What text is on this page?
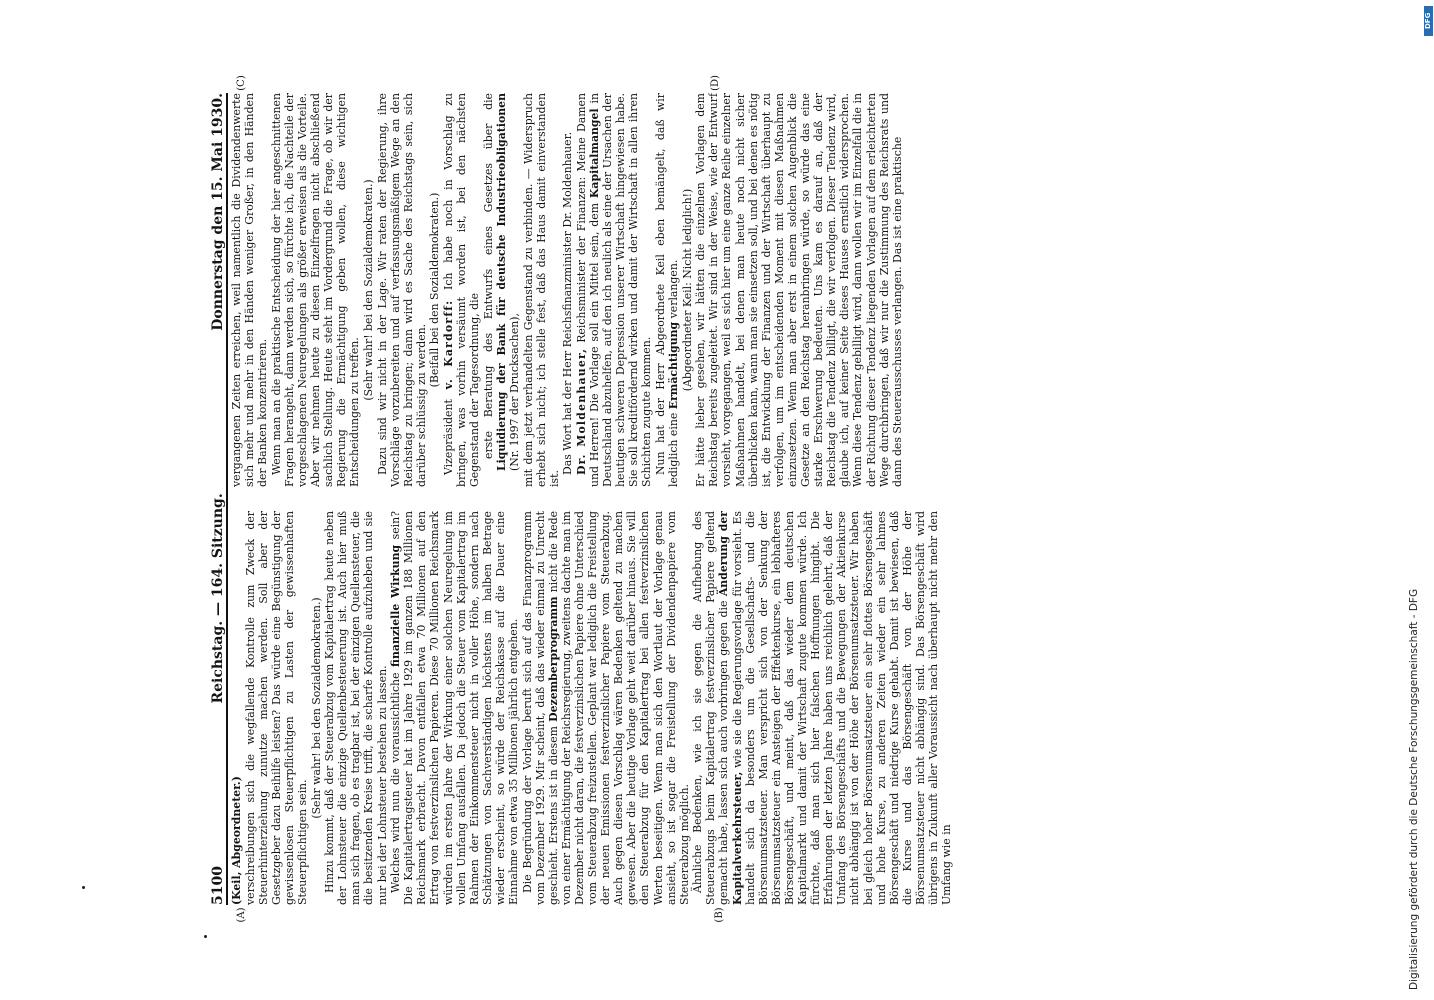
5100
Reichstag. — 164. Sitzung.
Donnerstag den 15. Mai 1930.
(A)	(B)
(C)	(D)

(Keil, Abgeordneter.) verschreibungen sich die wegfallende Kontrolle zum Zweck der Steuerhinterziehung zunutze machen werden. Soll aber der Gesetzgeber dazu Beihilfe leisten? Das würde eine Begünstigung der gewissenlosen Steuerpflichtigen zu Lasten der gewissenhaften Steuerpflichtigen sein.

(Sehr wahr! bei den Sozialdemokraten.) Hinzu kommt, daß der Steuerabzug vom Kapitalertrag heute neben der Lohnsteuer die einzige Quellenbesteuerung ist. Auch hier muß man sich fragen, ob es tragbar ist, bei der einzigen Quellensteuer, die die besitzenden Kreise trifft, die scharfe Kontrolle aufzuheben und sie nur bei der Lohnsteuer bestehen zu lassen. Welches wird nun die voraussichtliche finanzielle Wirkung sein? Die Kapitalertragsteuer hat im Jahre 1929 im ganzen 188 Millionen Reichsmark erbracht. Davon entfallen etwa 70 Millionen auf den Ertrag von festverzinslichen Papieren. Diese 70 Millionen Reichsmark würden im ersten Jahre der Wirkung einer solchen Neuregelung im vollen Umfang ausfallen. Da jedoch die Steuer vom Kapitalertrag im Rahmen der Einkommensteuer nicht in voller Höhe, sondern nach Schätzungen von Sachverständigen höchstens im halben Betrage wieder erscheint, so würde der Reichskasse auf die Dauer eine Einnahme von etwa 35 Millionen jährlich entgehen. Die Begründung der Vorlage beruft sich auf das Finanzprogramm vom Dezember 1929. Mir scheint, daß das wieder einmal zu Unrecht geschieht. Erstens ist in diesem Dezemberprogramm nicht die Rede von einer Ermächtigung der Reichsregierung, zweitens dachte man im Dezember nicht daran, die festverzinslichen Papiere ohne Unterschied vom Steuerabzug freizustellen. Geplant war lediglich die Freistellung der neuen Emissionen festverzinslicher Papiere vom Steuerabzug. Auch gegen diesen Vorschlag wären Bedenken geltend zu machen gewesen. Aber die heutige Vorlage geht weit darüber hinaus. Sie will den Steuerabzug für den Kapitalertrag bei allen festverzinslichen Werten beseitigen. Wenn man sich den Wortlaut der Vorlage genau ansieht, so ist sogar die Freistellung der Dividendenpapiere vom Steuerabzug möglich. Ähnliche Bedenken, wie ich sie gegen die Aufhebung des Steuerabzugs beim Kapitalertrag festverzinslicher Papiere geltend gemacht habe, lassen sich auch vorbringen gegen die Änderung der Kapitalverkehrsteuer, wie sie die Regierungsvorlage für vorsieht. Es handelt sich da besonders um die Gesellschafts- und die Börsenumsatzsteuer. Man verspricht sich von der Senkung der Börsenumsatzsteuer ein Ansteigen der Effektenkurse, ein lebhafteres Börsengeschäft, und meint, daß das wieder dem deutschen Kapitalmarkt und damit der Wirtschaft zugute kommen würde. Ich fürchte, daß man sich hier falschen Hoffnungen hingibt. Die Erfahrungen der letzten Jahre haben uns reichlich gelehrt, daß der Umfang des Börsengeschäfts und die Bewegungen der Aktienkurse nicht abhängig ist von der Höhe der Börsenumsatzsteuer. Wir haben bei gleich hoher Börsenumsatzsteuer ein sehr flottes Börsengeschäft und hohe Kurse, zu anderen Zeiten wieder ein sehr lahmes Börsengeschäft und niedrige Kurse gehabt. Damit ist bewiesen, daß die Kurse und das Börsengeschäft von der Höhe der Börsenumsatzsteuer nicht abhängig sind. Das Börsengeschäft wird übrigens in Zukunft aller Voraussicht nach überhaupt nicht mehr den Umfang wie in

vergangenen Zeiten erreichen, weil namentlich die Dividendenwerte sich mehr und mehr in den Händen weniger Großer, in den Händen der Banken konzentrieren. Wenn man an die praktische Entscheidung der hier angeschnittenen Fragen herangeht, dann werden sich, so fürchte ich, die Nachteile der vorgeschlagenen Neuregelungen als größer erweisen als die Vorteile. Aber wir nehmen heute zu diesen Einzelfragen nicht abschließend sachlich Stellung. Heute steht im Vordergrund die Frage, ob wir der Regierung die Ermächtigung geben wollen, diese wichtigen Entscheidungen zu treffen.

(Sehr wahr! bei den Sozialdemokraten.) Dazu sind wir nicht in der Lage. Wir raten der Regierung, ihre Vorschläge vorzubereiten und auf verfassungsmäßigem Wege an den Reichstag zu bringen; dann wird es Sache des Reichstags sein, sich darüber schlüssig zu werden.

(Beifall bei den Sozialdemokraten.)

Vizepräsident v. Kardorff: Ich habe noch in Vorschlag zu bringen, was vorhin versäumt worden ist, bei den nächsten Gegenstand der Tagesordnung, die erste Beratung des Entwurfs eines Gesetzes über die Liquidierung der Bank für deutsche Industrieobligationen (Nr. 1997 der Drucksachen), mit dem jetzt verhandelten Gegenstand zu verbinden. — Widerspruch erhebt sich nicht; ich stelle fest, daß das Haus damit einverstanden ist.

Das Wort hat der Herr Reichsfinanzminister Dr. Moldenhauer. Dr. Moldenhauer, Reichsminister der Finanzen: Meine Damen und Herren! Die Vorlage soll ein Mittel sein, dem Kapitalmangel in Deutschland abzuhelfen, auf den ich neulich als eine der Ursachen der heutigen schweren Depression unserer Wirtschaft hingewiesen habe. Sie soll kreditfördernd wirken und damit der Wirtschaft in allen ihren Schichten zugute kommen. Nun hat der Herr Abgeordnete Keil eben bemängelt, daß wir lediglich eine Ermächtigung verlangen. (Abgeordneter Keil: Nicht lediglich!) Er hätte lieber gesehen, wir hätten die einzelnen Vorlagen dem Reichstag bereits zugeleitet. Wir sind in der Weise, wie der Entwurf vorsieht, vorgegangen, weil es sich hier um eine ganze Reihe einzelner Maßnahmen handelt, bei denen man heute noch nicht sicher überblicken kann, wann man sie einsetzen soll, und bei denen es nötig ist, die Entwicklung der Finanzen und der Wirtschaft überhaupt zu verfolgen, um im entscheidenden Moment mit diesen Maßnahmen einzusetzen. Wenn man aber erst in einem solchen Augenblick die Gesetze an den Reichstag heranbringen würde, so würde das eine starke Erschwerung bedeuten. Uns kam es darauf an, daß der Reichstag die Tendenz billigt, die wir verfolgen. Dieser Tendenz wird, glaube ich, auf keiner Seite dieses Hauses ernstlich widersprochen. Wenn diese Tendenz gebilligt wird, dann wollen wir im Einzelfall die in der Richtung dieser Tendenz liegenden Vorlagen auf dem erleichterten Wege durchbringen, daß wir nur die Zustimmung des Reichsrats und dann des Steuerausschusses verlangen. Das ist eine praktische

Digitalisierung gefördert durch die Deutsche Forschungsgemeinschaft - DFG
DFG
